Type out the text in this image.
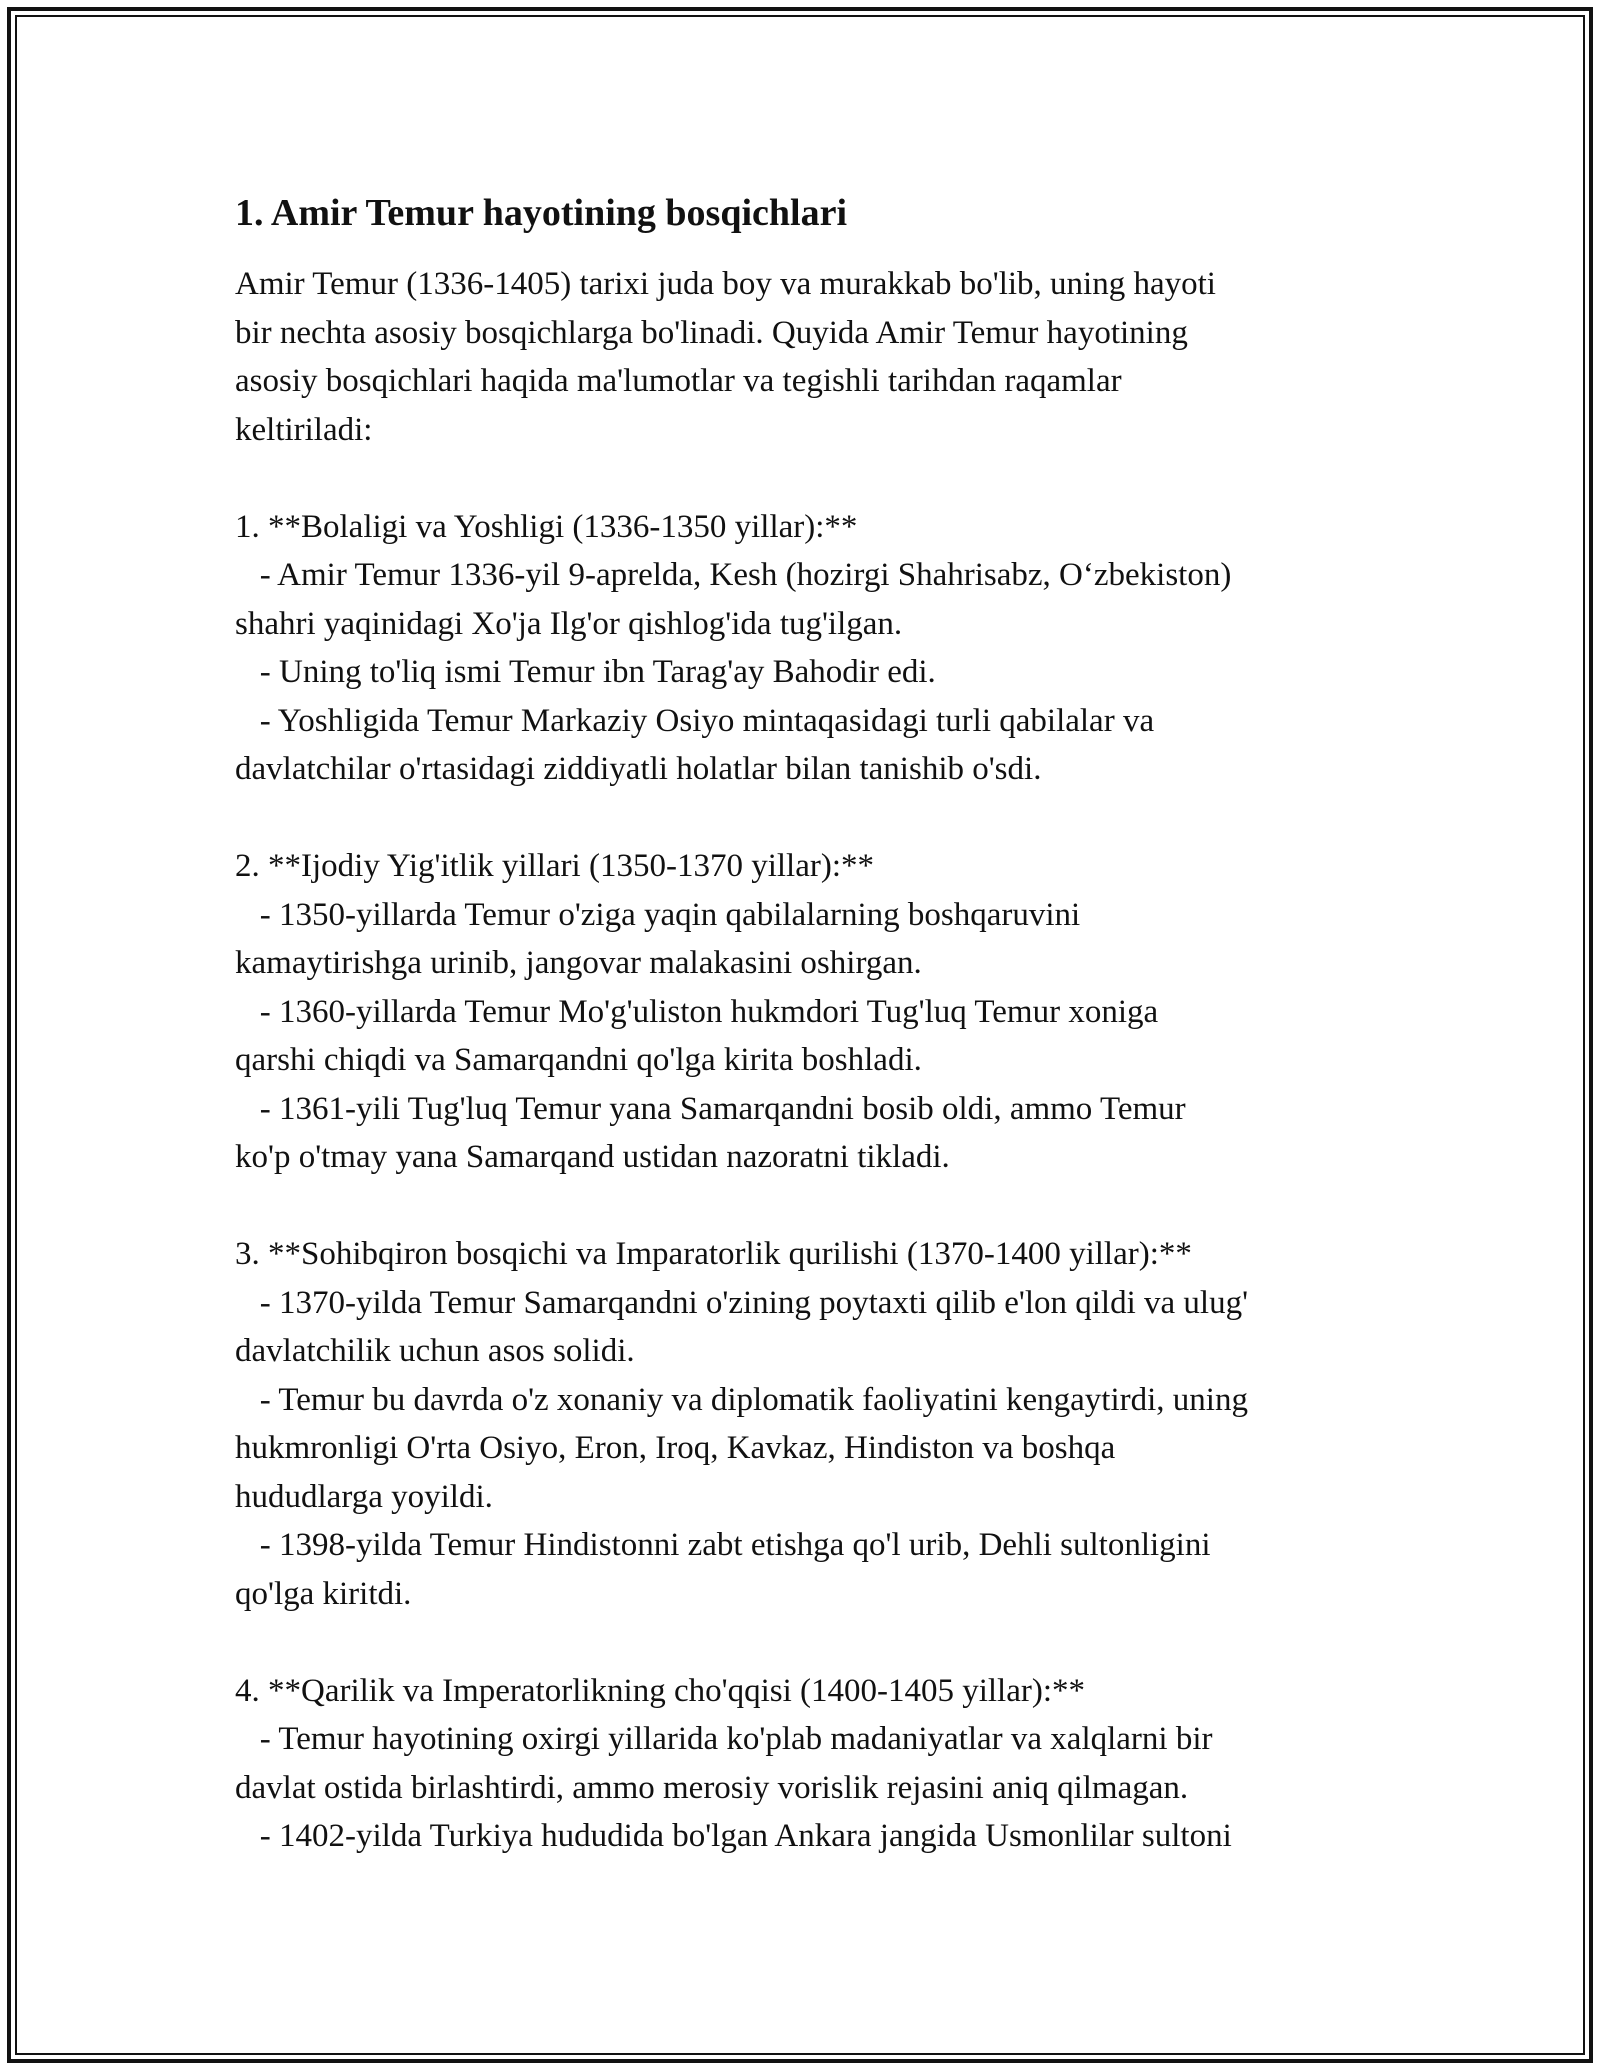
1. Amir Temur hayotining bosqichlari

Amir Temur (1336-1405) tarixi juda boy va murakkab bo'lib, uning hayoti
bir nechta asosiy bosqichlarga bo'linadi. Quyida Amir Temur hayotining
asosiy bosqichlari haqida ma'lumotlar va tegishli tarihdan raqamlar
keltiriladi:

1. **Bolaligi va Yoshligi (1336-1350 yillar):**
- Amir Temur 1336-yil 9-aprelda, Kesh (hozirgi Shahrisabz, Oʻzbekiston)
shahri yaqinidagi Xo'ja Ilg'or qishlog'ida tug'ilgan.
- Uning to'liq ismi Temur ibn Tarag'ay Bahodir edi.
- Yoshligida Temur Markaziy Osiyo mintaqasidagi turli qabilalar va
davlatchilar o'rtasidagi ziddiyatli holatlar bilan tanishib o'sdi.

2. **Ijodiy Yig'itlik yillari (1350-1370 yillar):**
- 1350-yillarda Temur o'ziga yaqin qabilalarning boshqaruvini
kamaytirishga urinib, jangovar malakasini oshirgan.
- 1360-yillarda Temur Mo'g'uliston hukmdori Tug'luq Temur xoniga
qarshi chiqdi va Samarqandni qo'lga kirita boshladi.
- 1361-yili Tug'luq Temur yana Samarqandni bosib oldi, ammo Temur
ko'p o'tmay yana Samarqand ustidan nazoratni tikladi.

3. **Sohibqiron bosqichi va Imparatorlik qurilishi (1370-1400 yillar):**
- 1370-yilda Temur Samarqandni o'zining poytaxti qilib e'lon qildi va ulug'
davlatchilik uchun asos solidi.
- Temur bu davrda o'z xonaniy va diplomatik faoliyatini kengaytirdi, uning
hukmronligi O'rta Osiyo, Eron, Iroq, Kavkaz, Hindiston va boshqa
hududlarga yoyildi.
- 1398-yilda Temur Hindistonni zabt etishga qo'l urib, Dehli sultonligini
qo'lga kiritdi.

4. **Qarilik va Imperatorlikning cho'qqisi (1400-1405 yillar):**
- Temur hayotining oxirgi yillarida ko'plab madaniyatlar va xalqlarni bir
davlat ostida birlashtirdi, ammo merosiy vorislik rejasini aniq qilmagan.
- 1402-yilda Turkiya hududida bo'lgan Ankara jangida Usmonlilar sultoni
